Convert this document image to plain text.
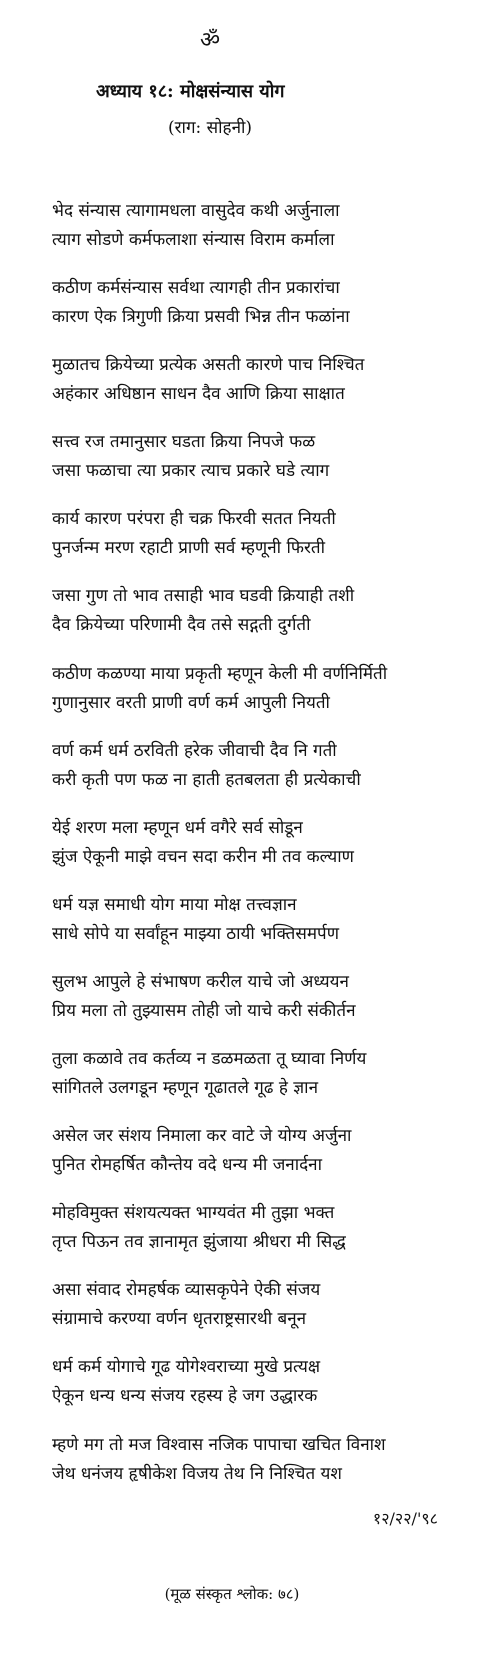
ॐ
अध्याय १८: मोक्षसंन्यास योग
(राग: सोहनी)
भेद संन्यास त्यागामधला वासुदेव कथी अर्जुनाला
त्याग सोडणे कर्मफलाशा संन्यास विराम कर्माला
कठीण कर्मसंन्यास सर्वथा त्यागही तीन प्रकारांचा
कारण ऐक त्रिगुणी क्रिया प्रसवी भिन्न तीन फळांना
मुळातच क्रियेच्या प्रत्येक असती कारणे पाच निश्चित
अहंकार अधिष्ठान साधन दैव आणि क्रिया साक्षात
सत्त्व रज तमानुसार घडता क्रिया निपजे फळ
जसा फळाचा त्या प्रकार त्याच प्रकारे घडे त्याग
कार्य कारण परंपरा ही चक्र फिरवी सतत नियती
पुनर्जन्म मरण रहाटी प्राणी सर्व म्हणूनी फिरती
जसा गुण तो भाव तसाही भाव घडवी क्रियाही तशी
दैव क्रियेच्या परिणामी दैव तसे सद्गती दुर्गती
कठीण कळण्या माया प्रकृती म्हणून केली मी वर्णनिर्मिती
गुणानुसार वरती प्राणी वर्ण कर्म आपुली नियती
वर्ण कर्म धर्म ठरविती हरेक जीवाची दैव नि गती
करी कृती पण फळ ना हाती हतबलता ही प्रत्येकाची
येई शरण मला म्हणून धर्म वगैरे सर्व सोडून
झुंज ऐकूनी माझे वचन सदा करीन मी तव कल्याण
धर्म यज्ञ समाधी योग माया मोक्ष तत्त्वज्ञान
साधे सोपे या सर्वांहून माझ्या ठायी भक्तिसमर्पण
सुलभ आपुले हे संभाषण करील याचे जो अध्ययन
प्रिय मला तो तुझ्यासम तोही जो याचे करी संकीर्तन
तुला कळावे तव कर्तव्य न डळमळता तू घ्यावा निर्णय
सांगितले उलगडून म्हणून गूढातले गूढ हे ज्ञान
असेल जर संशय निमाला कर वाटे जे योग्य अर्जुना
पुनित रोमहर्षित कौन्तेय वदे धन्य मी जनार्दना
मोहविमुक्त संशयत्यक्त भाग्यवंत मी तुझा भक्त
तृप्त पिऊन तव ज्ञानामृत झुंजाया श्रीधरा मी सिद्ध
असा संवाद रोमहर्षक व्यासकृपेने ऐकी संजय
संग्रामाचे करण्या वर्णन धृतराष्ट्रसारथी बनून
धर्म कर्म योगाचे गूढ योगेश्वराच्या मुखे प्रत्यक्ष
ऐकून धन्य धन्य संजय रहस्य हे जग उद्धारक
म्हणे मग तो मज विश्वास नजिक पापाचा खचित विनाश
जेथ धनंजय हृषीकेश विजय तेथ नि निश्चित यश
१२/२२/'९८
(मूळ संस्कृत श्लोक: ७८)
